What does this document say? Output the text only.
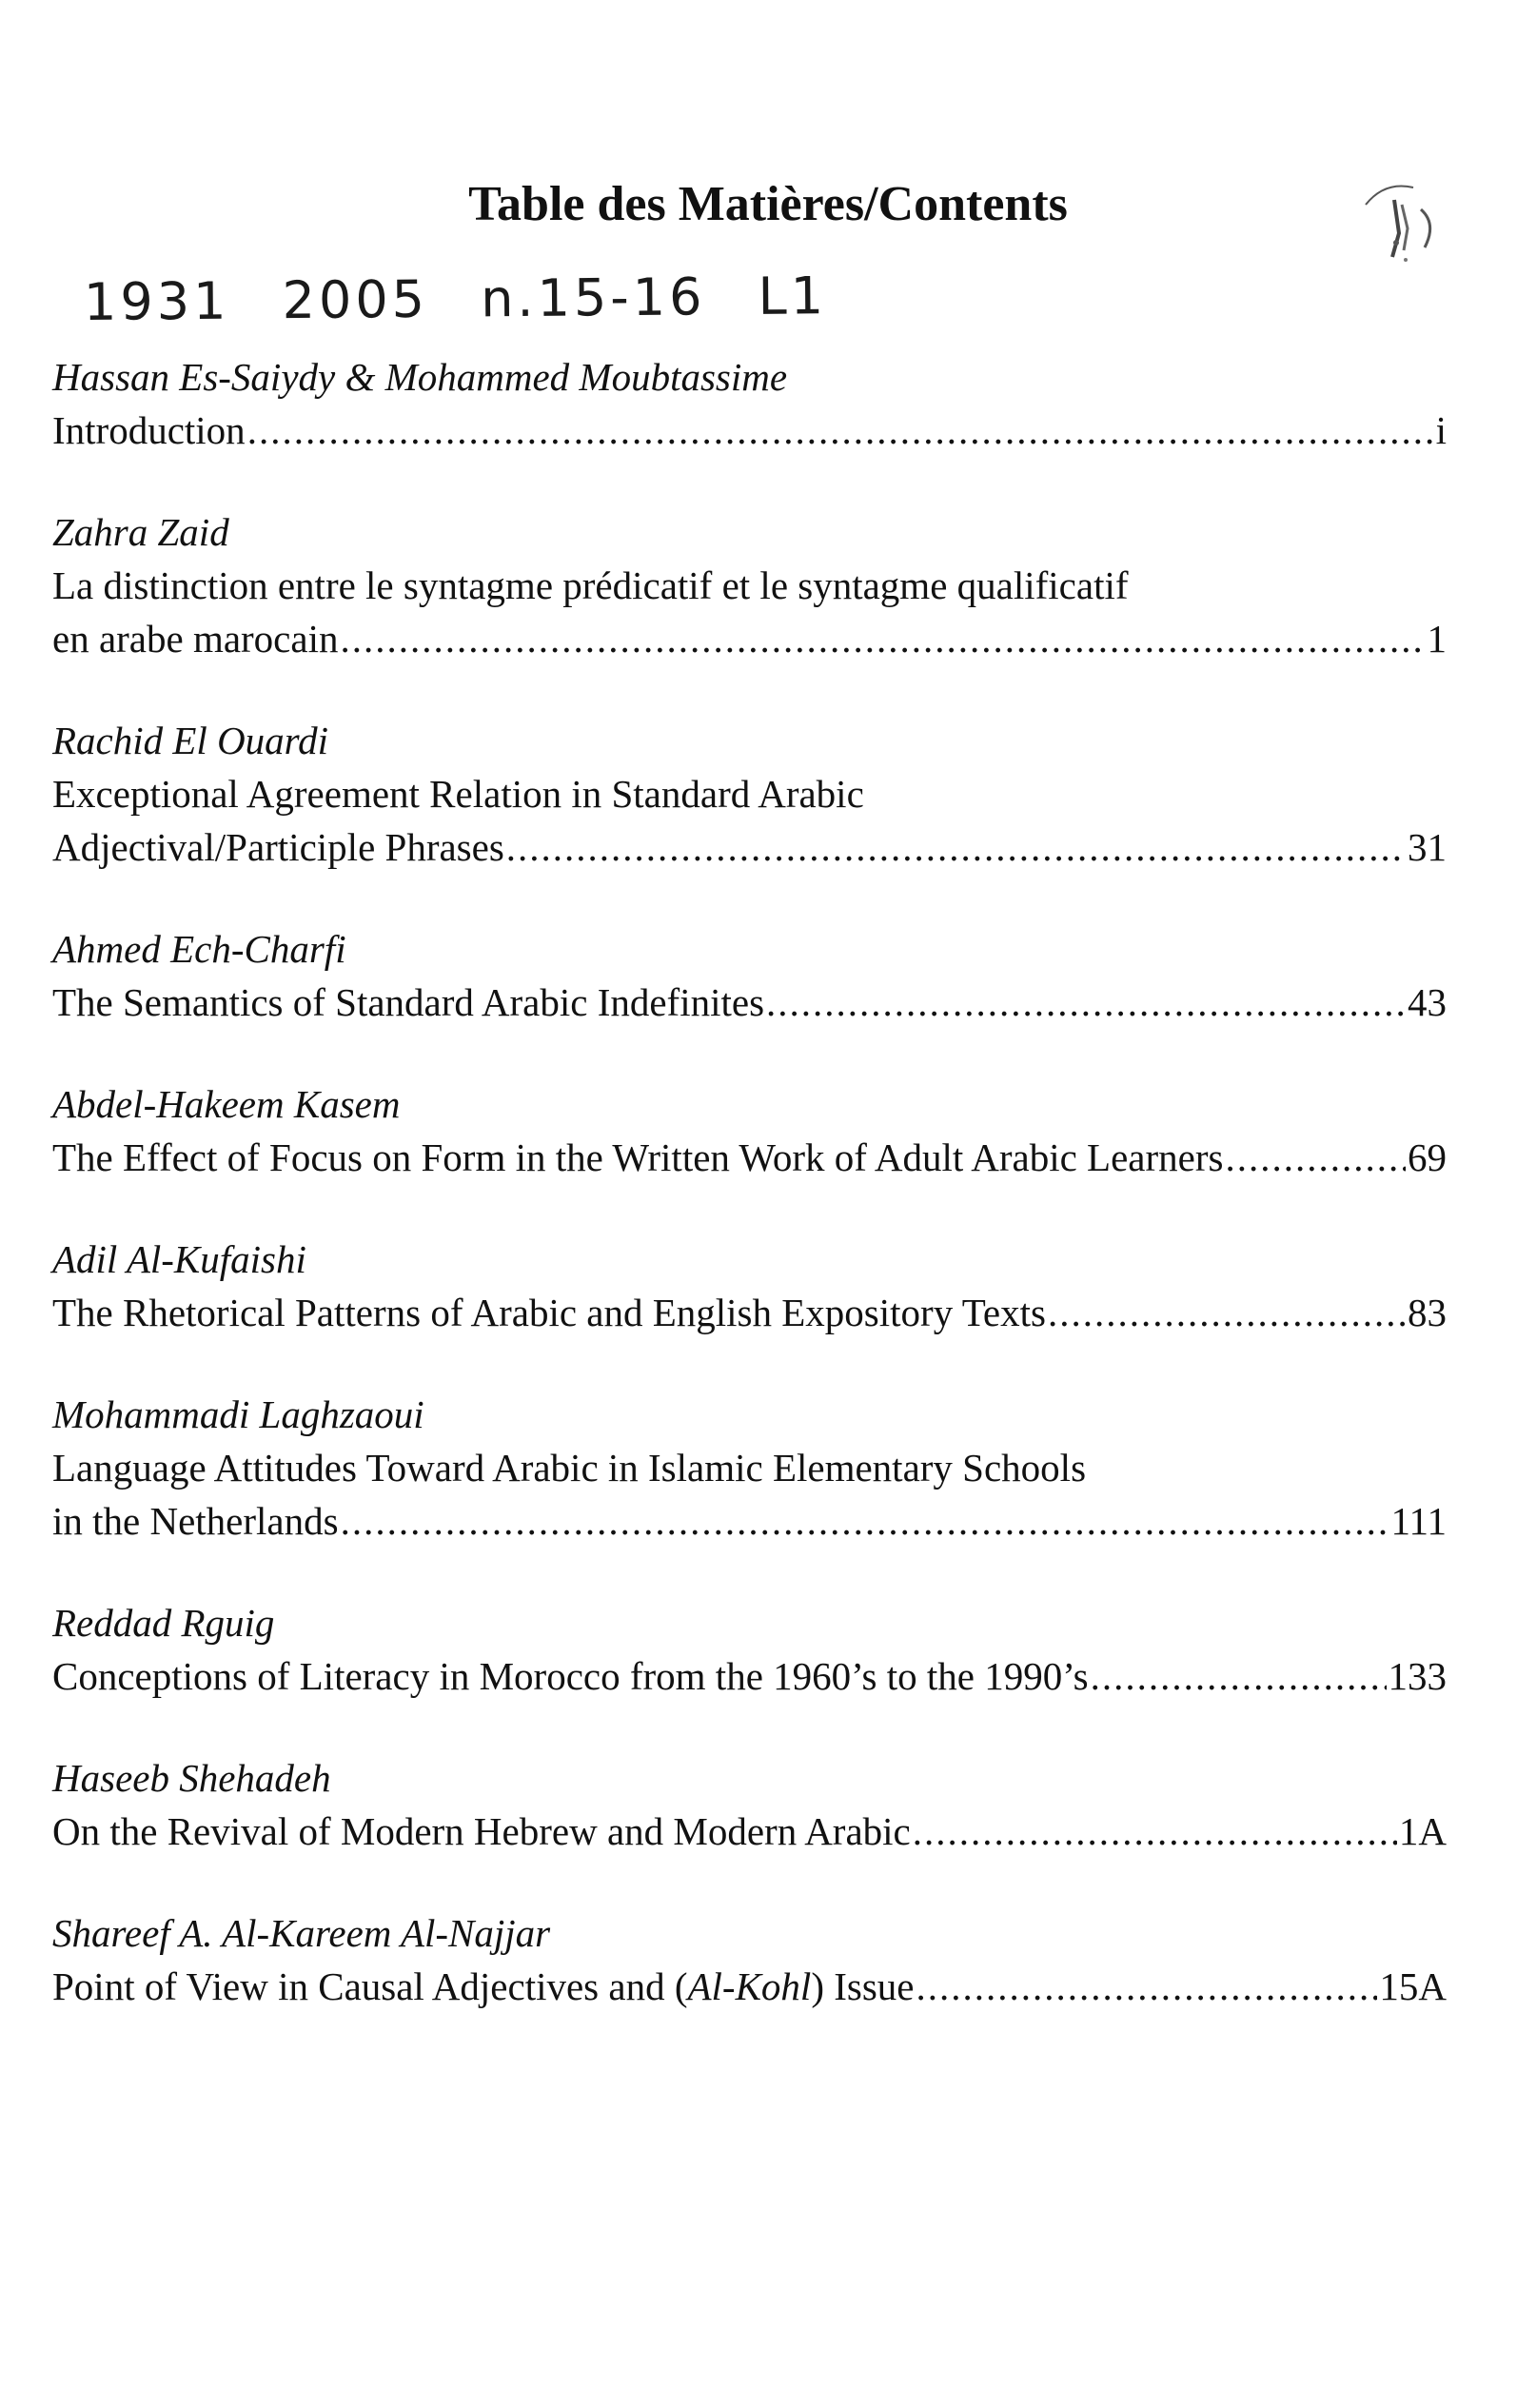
Table des Matières/Contents
1931 2005 n.15-16 L1
Hassan Es-Saiydy & Mohammed Moubtassime
Introduction .....	i
Zahra Zaid
La distinction entre le syntagme prédicatif et le syntagme qualificatif
en arabe marocain .....	1
Rachid El Ouardi
Exceptional Agreement Relation in Standard Arabic
Adjectival/Participle Phrases .....	31
Ahmed Ech-Charfi
The Semantics of Standard Arabic Indefinites .....	43
Abdel-Hakeem Kasem
The Effect of Focus on Form in the Written Work of Adult Arabic Learners .....	69
Adil Al-Kufaishi
The Rhetorical Patterns of Arabic and English Expository Texts .....	83
Mohammadi Laghzaoui
Language Attitudes Toward Arabic in Islamic Elementary Schools
in the Netherlands .....	111
Reddad Rguig
Conceptions of Literacy in Morocco from the 1960’s to the 1990’s .....	133
Haseeb Shehadeh
On the Revival of Modern Hebrew and Modern Arabic .....	1A
Shareef A. Al-Kareem Al-Najjar
Point of View in Causal Adjectives and (Al-Kohl) Issue .....	15A
